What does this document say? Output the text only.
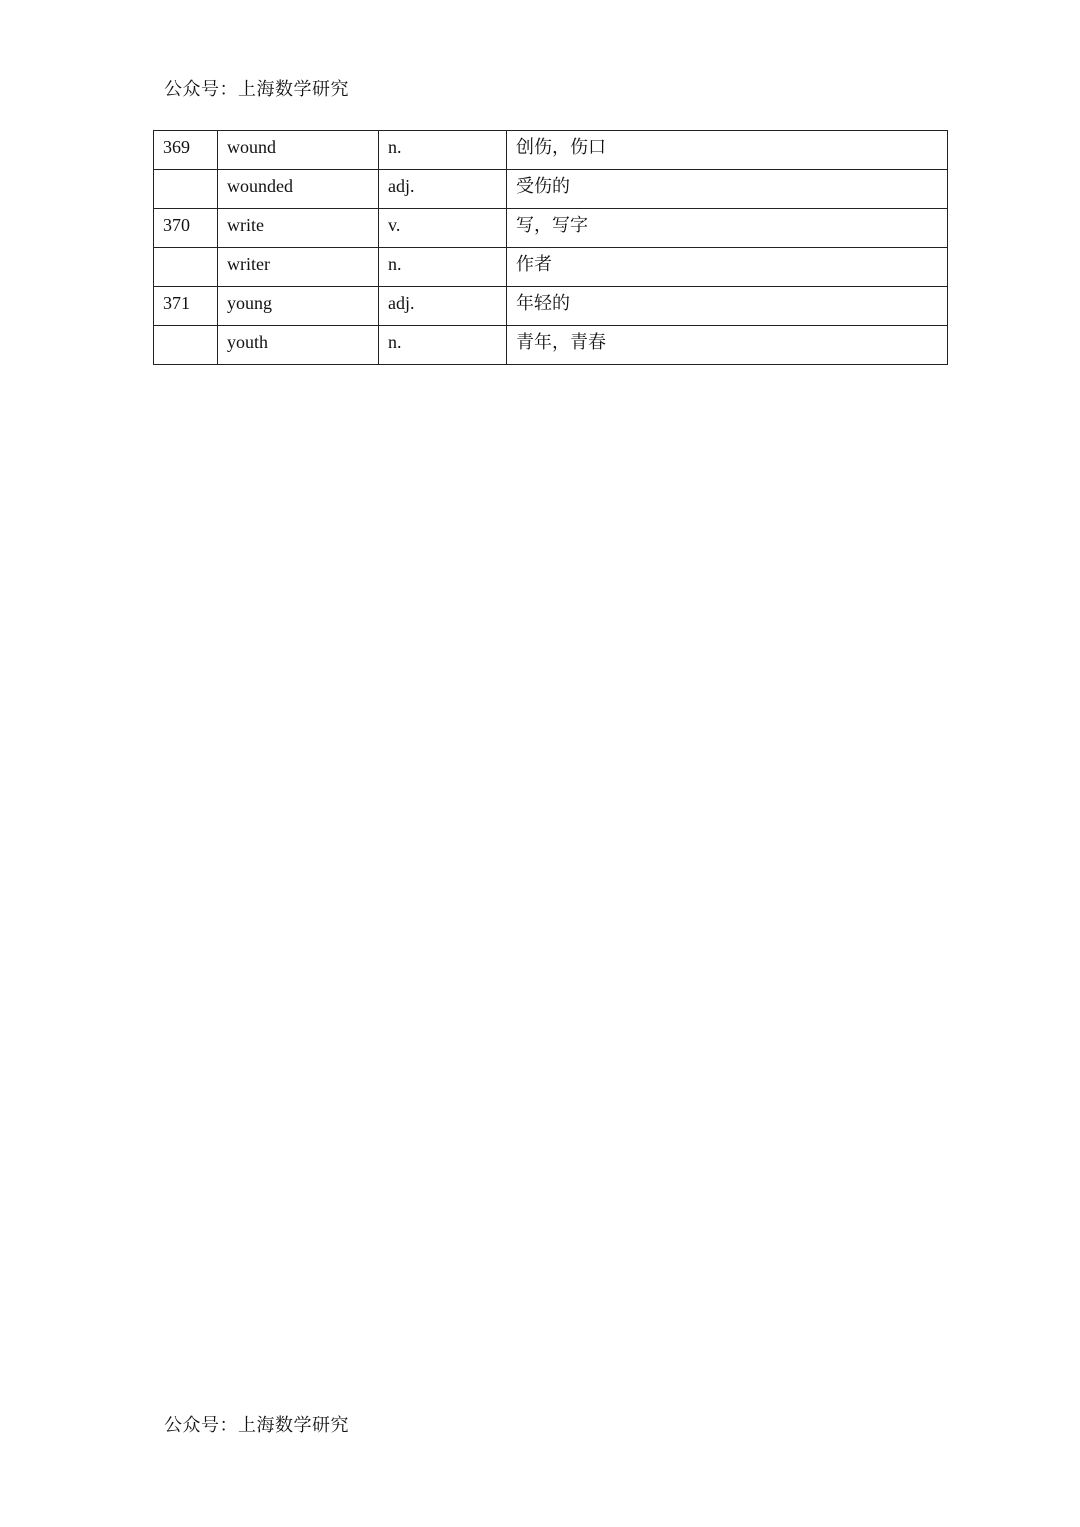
公众号：上海数学研究
369	wound	n.	创伤，伤口
	wounded	adj.	受伤的
370	write	v.	写，写字
	writer	n.	作者
371	young	adj.	年轻的
	youth	n.	青年，青春
公众号：上海数学研究
